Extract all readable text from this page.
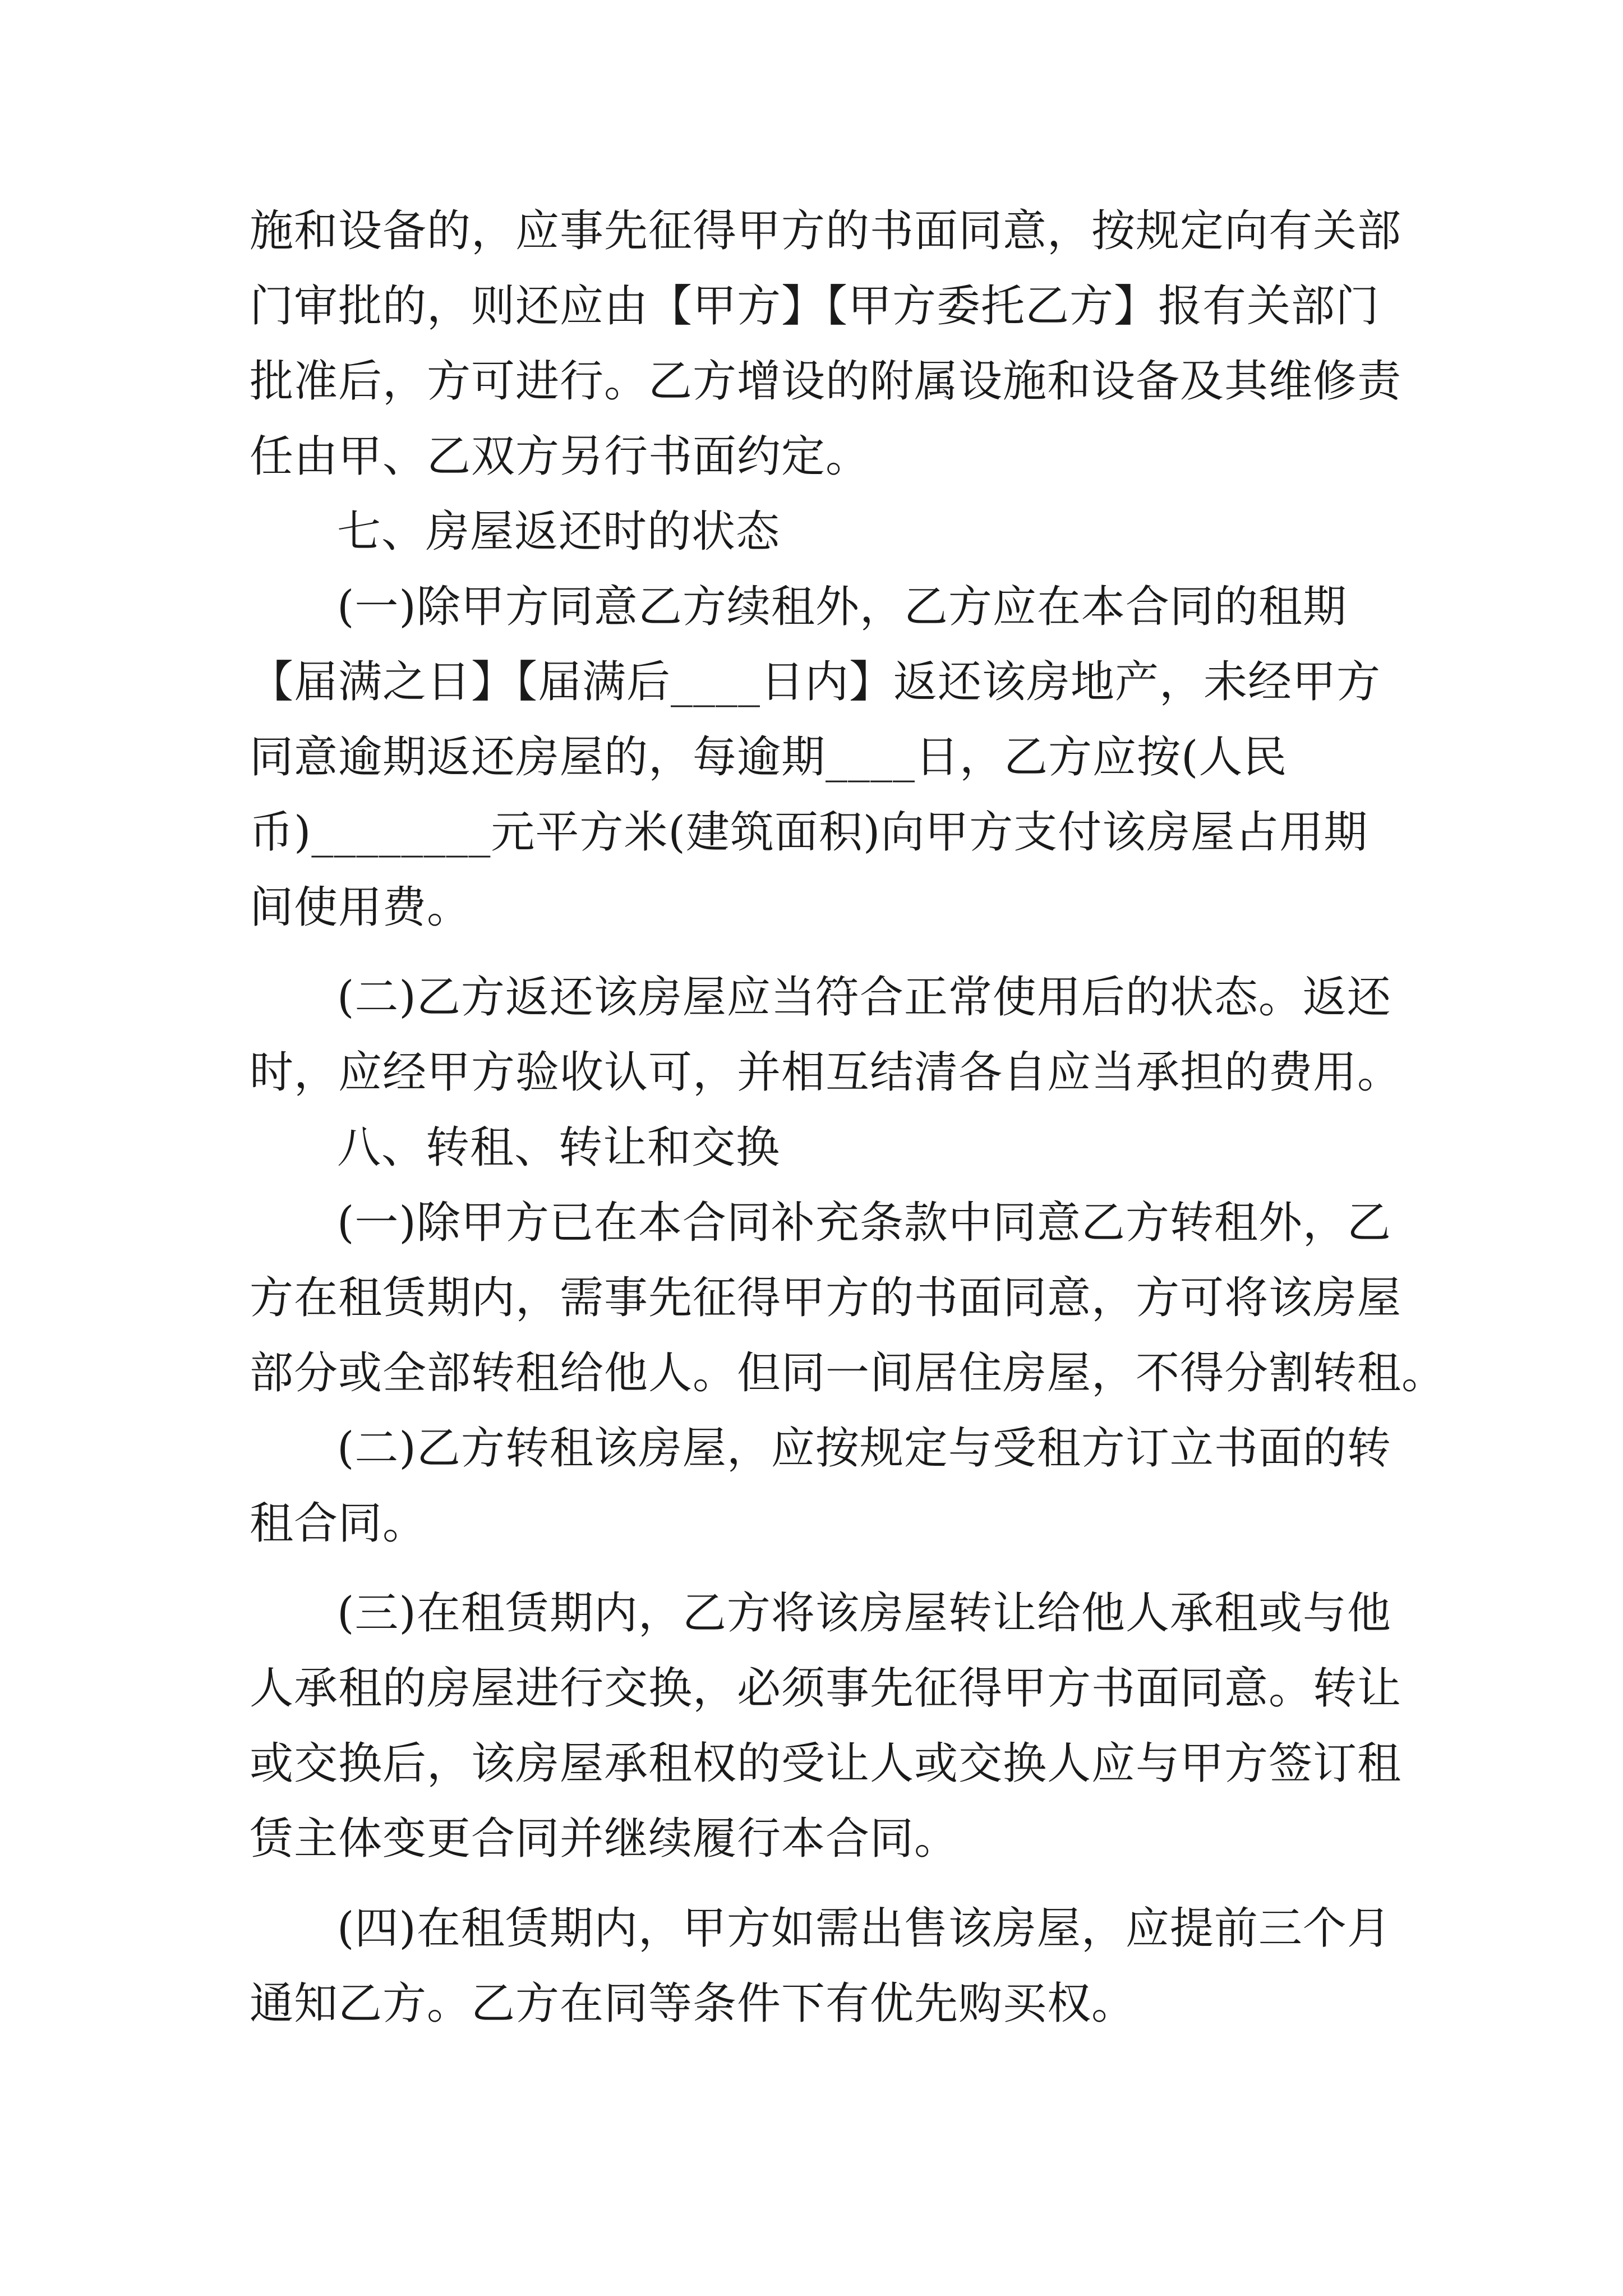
施和设备的，应事先征得甲方的书面同意，按规定向有关部
门审批的，则还应由【甲方】【甲方委托乙方】报有关部门
批准后，方可进行。乙方增设的附属设施和设备及其维修责
任由甲、乙双方另行书面约定。
七、房屋返还时的状态
(一)除甲方同意乙方续租外，乙方应在本合同的租期
【届满之日】【届满后____日内】返还该房地产，未经甲方
同意逾期返还房屋的，每逾期____日，乙方应按(人民
币)________元平方米(建筑面积)向甲方支付该房屋占用期
间使用费。
(二)乙方返还该房屋应当符合正常使用后的状态。返还
时，应经甲方验收认可，并相互结清各自应当承担的费用。
八、转租、转让和交换
(一)除甲方已在本合同补充条款中同意乙方转租外，乙
方在租赁期内，需事先征得甲方的书面同意，方可将该房屋
部分或全部转租给他人。但同一间居住房屋，不得分割转租。
(二)乙方转租该房屋，应按规定与受租方订立书面的转
租合同。
(三)在租赁期内，乙方将该房屋转让给他人承租或与他
人承租的房屋进行交换，必须事先征得甲方书面同意。转让
或交换后，该房屋承租权的受让人或交换人应与甲方签订租
赁主体变更合同并继续履行本合同。
(四)在租赁期内，甲方如需出售该房屋，应提前三个月
通知乙方。乙方在同等条件下有优先购买权。
